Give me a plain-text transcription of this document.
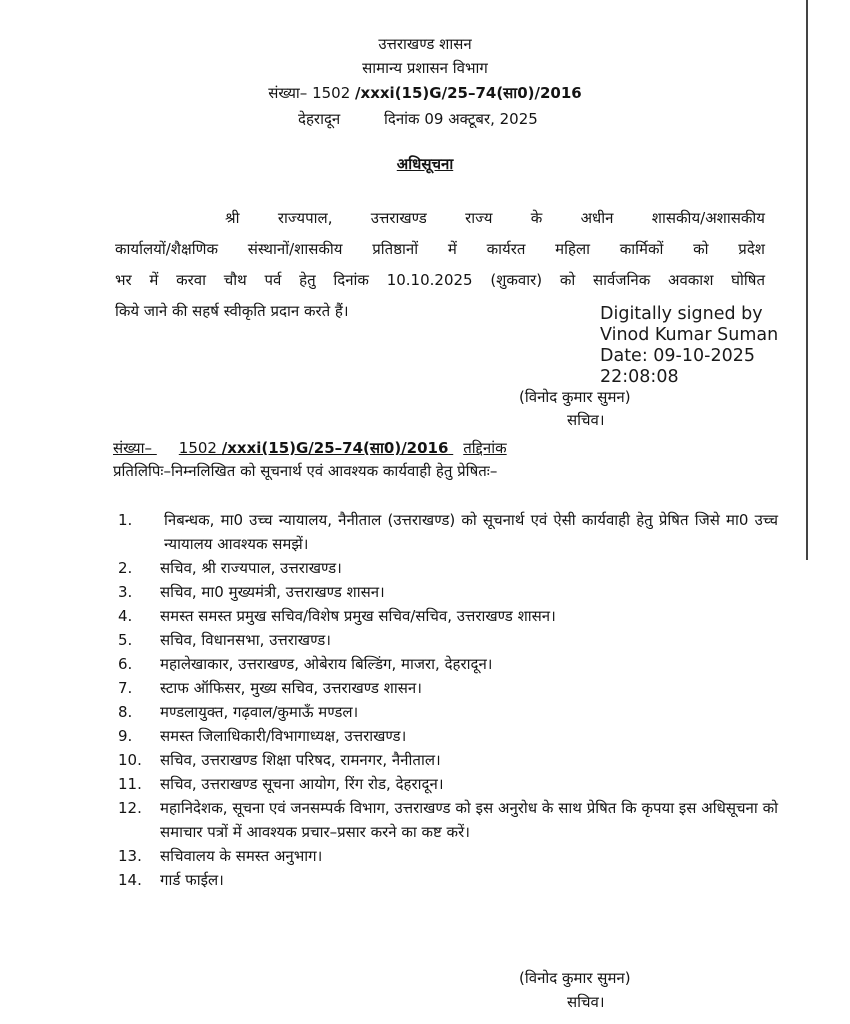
उत्तराखण्ड शासन
सामान्य प्रशासन विभाग
संख्या– 1502 /xxxi(15)G/25–74(सा0)/2016
देहरादून	दिनांक 09 अक्टूबर, 2025
अधिसूचना
श्री राज्यपाल, उत्तराखण्ड राज्य के अधीन शासकीय/अशासकीय
कार्यालयों/शैक्षणिक संस्थानों/शासकीय प्रतिष्ठानों में कार्यरत महिला कार्मिकों को प्रदेश
भर में करवा चौथ पर्व हेतु दिनांक 10.10.2025 (शुकवार) को सार्वजनिक अवकाश घोषित
किये जाने की सहर्ष स्वीकृति प्रदान करते हैं।	Digitally signed by
Vinod Kumar Suman
Date: 09-10-2025
22:08:08
(विनोद कुमार सुमन)
सचिव।
संख्या– 1502 /xxxi(15)G/25–74(सा0)/2016 तद्दिनांक
प्रतिलिपिः–निम्नलिखित को सूचनार्थ एवं आवश्यक कार्यवाही हेतु प्रेषितः–
1.	निबन्धक, मा0 उच्च न्यायालय, नैनीताल (उत्तराखण्ड) को सूचनार्थ एवं ऐसी कार्यवाही हेतु प्रेषित जिसे मा0 उच्च न्यायालय आवश्यक समझें।
2.	सचिव, श्री राज्यपाल, उत्तराखण्ड।
3.	सचिव, मा0 मुख्यमंत्री, उत्तराखण्ड शासन।
4.	समस्त समस्त प्रमुख सचिव/विशेष प्रमुख सचिव/सचिव, उत्तराखण्ड शासन।
5.	सचिव, विधानसभा, उत्तराखण्ड।
6.	महालेखाकार, उत्तराखण्ड, ओबेराय बिल्डिंग, माजरा, देहरादून।
7.	स्टाफ ऑफिसर, मुख्य सचिव, उत्तराखण्ड शासन।
8.	मण्डलायुक्त, गढ़वाल/कुमाऊँ मण्डल।
9.	समस्त जिलाधिकारी/विभागाध्यक्ष, उत्तराखण्ड।
10.	सचिव, उत्तराखण्ड शिक्षा परिषद, रामनगर, नैनीताल।
11.	सचिव, उत्तराखण्ड सूचना आयोग, रिंग रोड, देहरादून।
12.	महानिदेशक, सूचना एवं जनसम्पर्क विभाग, उत्तराखण्ड को इस अनुरोध के साथ प्रेषित कि कृपया इस अधिसूचना को समाचार पत्रों में आवश्यक प्रचार–प्रसार करने का कष्ट करें।
13.	सचिवालय के समस्त अनुभाग।
14.	गार्ड फाईल।
(विनोद कुमार सुमन)
सचिव।
